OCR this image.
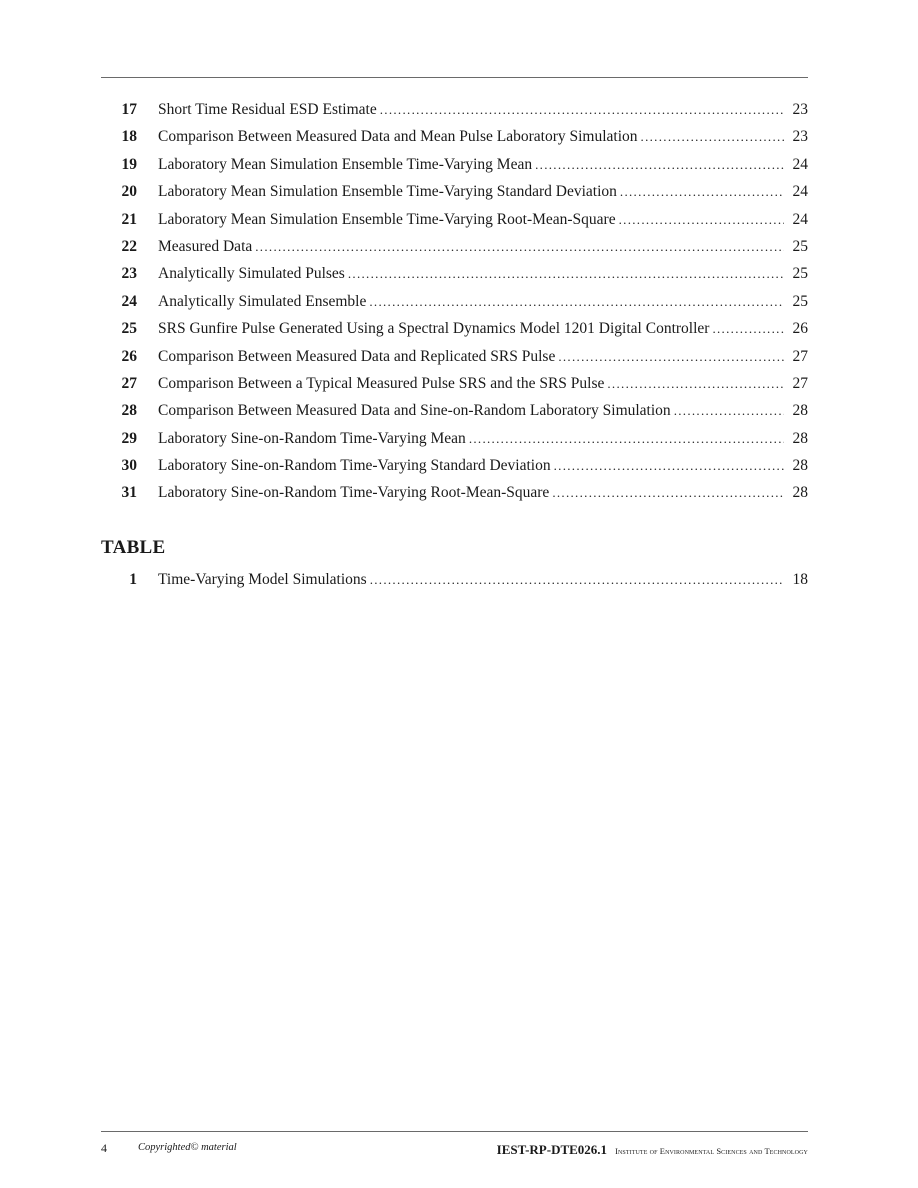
17 Short Time Residual ESD Estimate .....	23
18 Comparison Between Measured Data and Mean Pulse Laboratory Simulation .....	23
19 Laboratory Mean Simulation Ensemble Time-Varying Mean .....	24
20 Laboratory Mean Simulation Ensemble Time-Varying Standard Deviation .....	24
21 Laboratory Mean Simulation Ensemble Time-Varying Root-Mean-Square .....	24
22 Measured Data .....	25
23 Analytically Simulated Pulses .....	25
24 Analytically Simulated Ensemble .....	25
25 SRS Gunfire Pulse Generated Using a Spectral Dynamics Model 1201 Digital Controller .....	26
26 Comparison Between Measured Data and Replicated SRS Pulse .....	27
27 Comparison Between a Typical Measured Pulse SRS and the SRS Pulse .....	27
28 Comparison Between Measured Data and Sine-on-Random Laboratory Simulation .....	28
29 Laboratory Sine-on-Random Time-Varying Mean .....	28
30 Laboratory Sine-on-Random Time-Varying Standard Deviation .....	28
31 Laboratory Sine-on-Random Time-Varying Root-Mean-Square .....	28
TABLE
1 Time-Varying Model Simulations .....	18
4	Copyrighted© material	IEST-RP-DTE026.1 Institute of Environmental Sciences and Technology
